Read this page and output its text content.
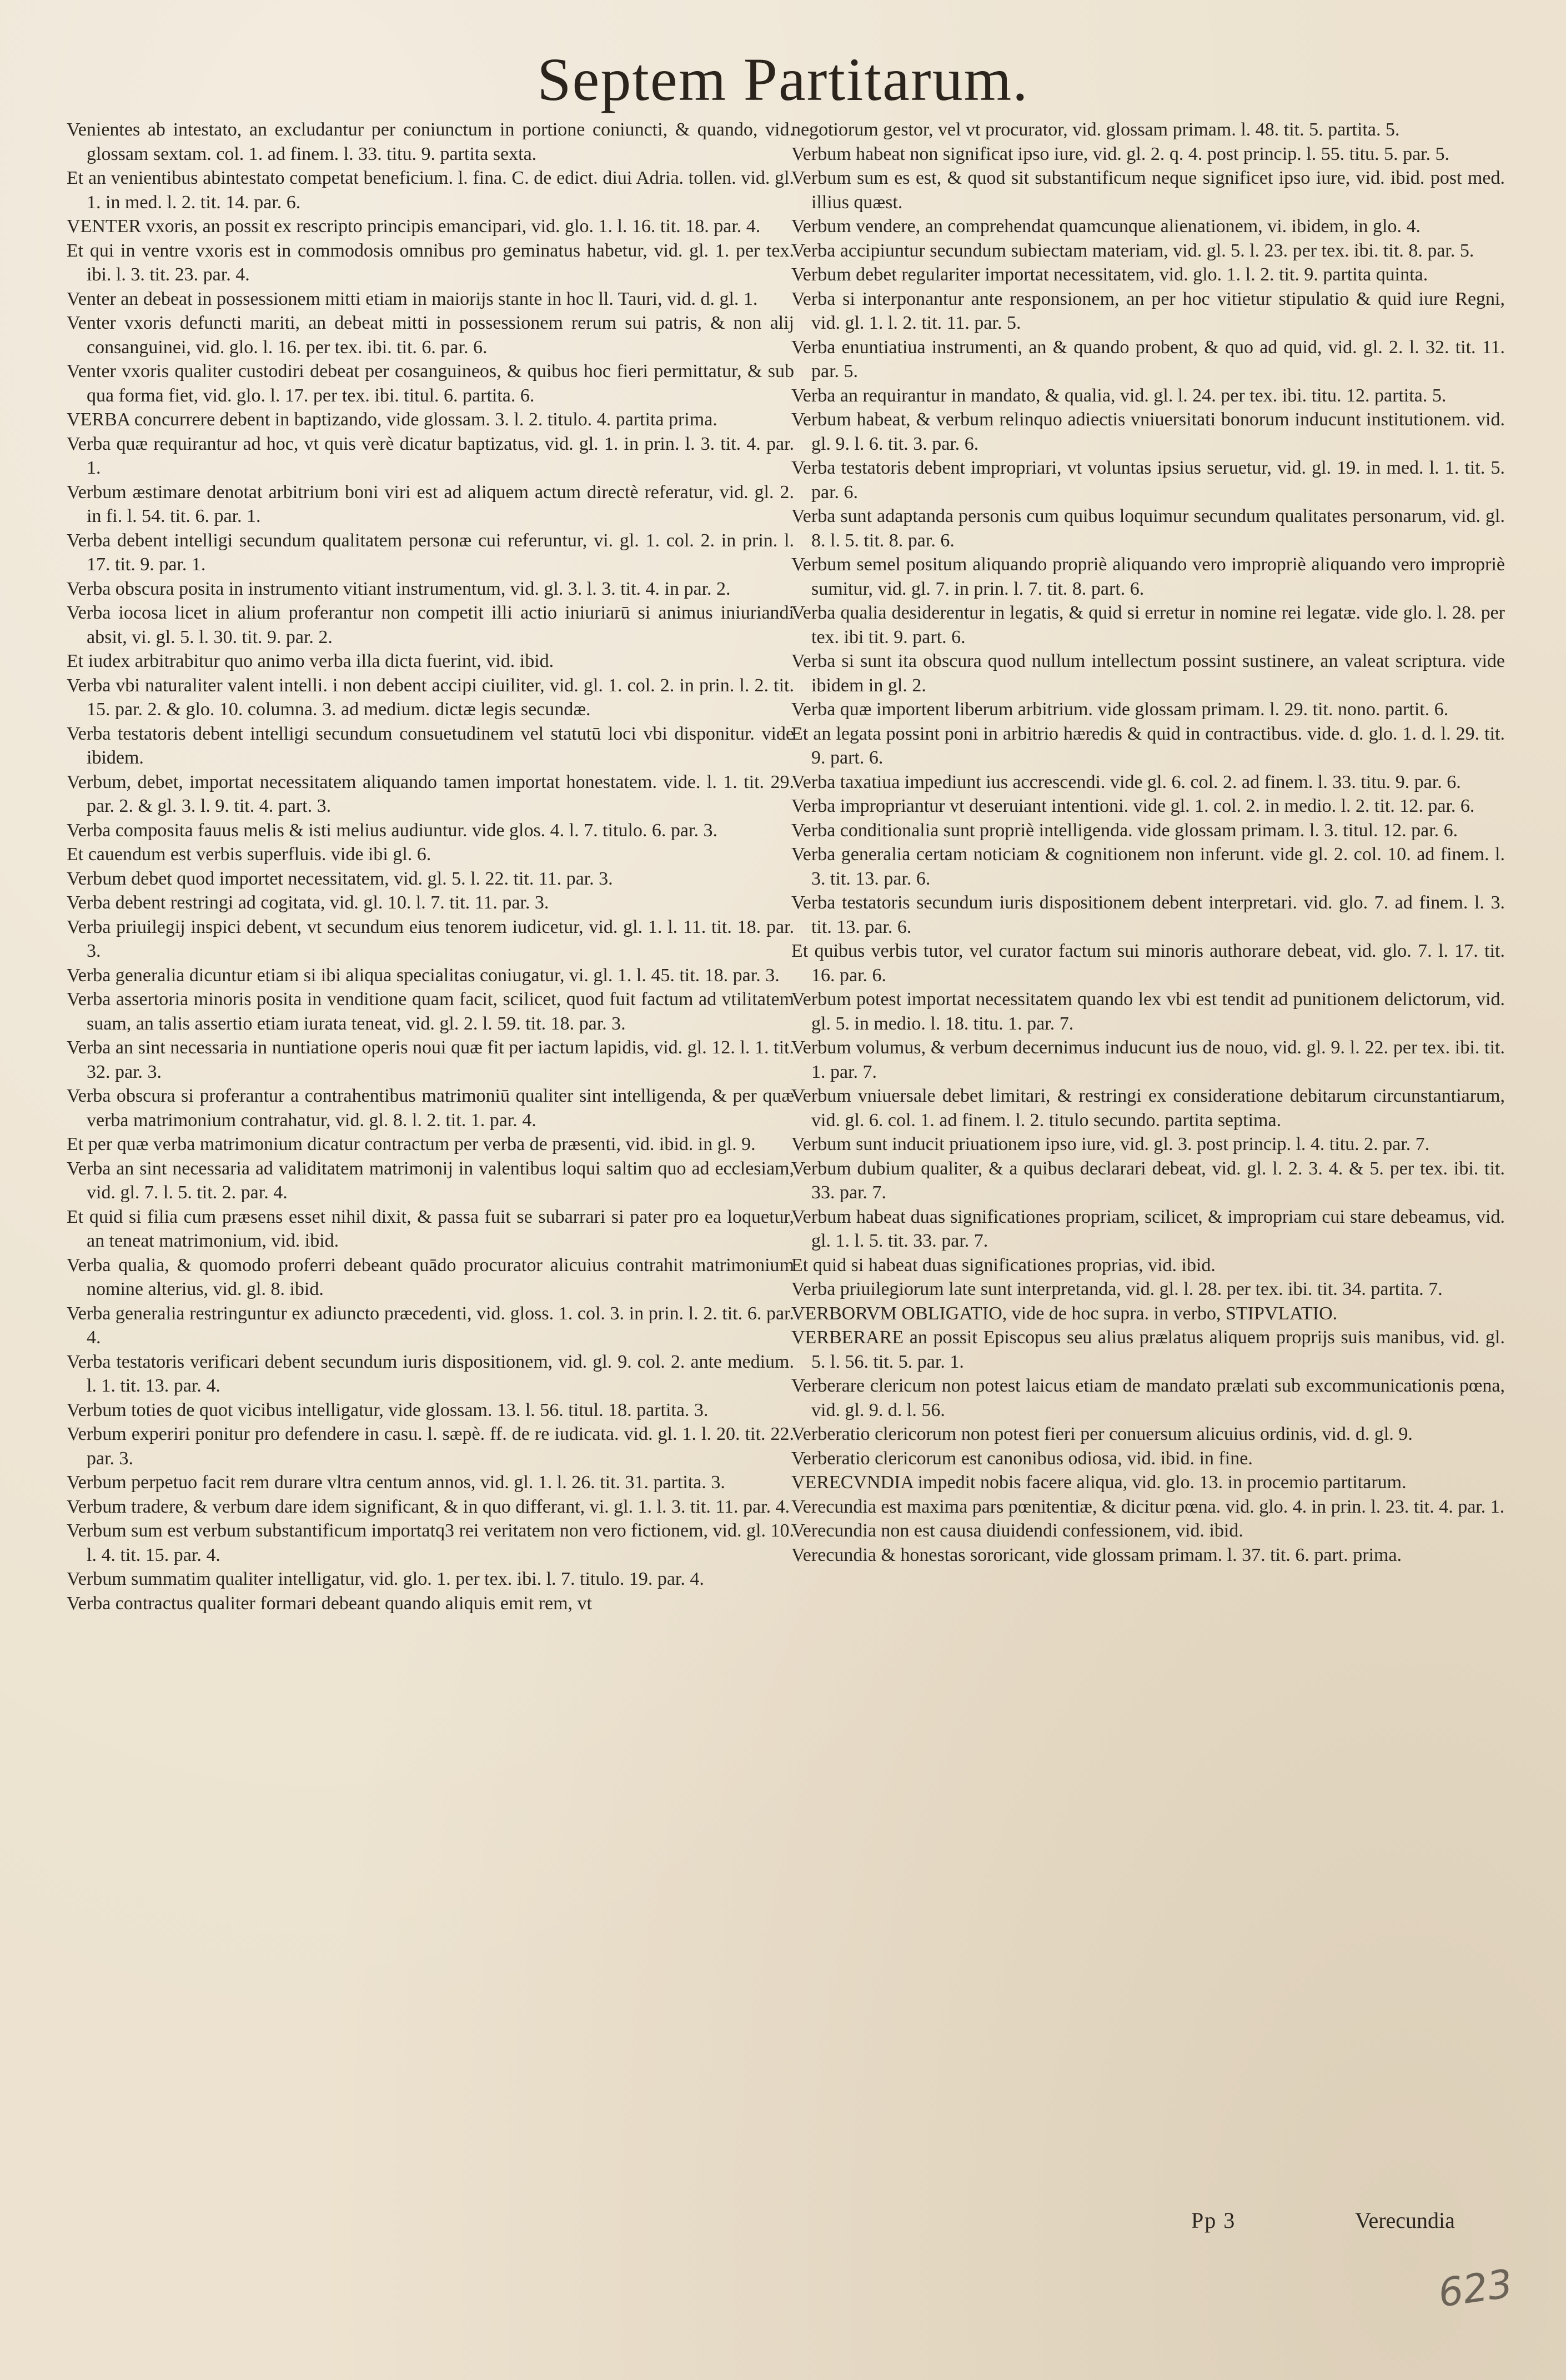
Septem Partitarum.

Venientes ab intestato, an excludantur per coniunctum in portione coniuncti, & quando, vid. glossam sextam. col. 1. ad finem. l. 33. titu. 9. partita sexta.

Et an venientibus abintestato competat beneficium. l. fina. C. de edict. diui Adria. tollen. vid. gl. 1. in med. l. 2. tit. 14. par. 6.

VENTER vxoris, an possit ex rescripto principis emancipari, vid. glo. 1. l. 16. tit. 18. par. 4.

Et qui in ventre vxoris est in commodosis omnibus pro geminatus habetur, vid. gl. 1. per tex. ibi. l. 3. tit. 23. par. 4.

Venter an debeat in possessionem mitti etiam in maiorijs stante in hoc ll. Tauri, vid. d. gl. 1.

Venter vxoris defuncti mariti, an debeat mitti in possessionem rerum sui patris, & non alij consanguinei, vid. glo. l. 16. per tex. ibi. tit. 6. par. 6.

Venter vxoris qualiter custodiri debeat per cosanguineos, & quibus hoc fieri permittatur, & sub qua forma fiet, vid. glo. l. 17. per tex. ibi. titul. 6. partita. 6.

VERBA concurrere debent in baptizando, vide glossam. 3. l. 2. titulo. 4. partita prima.

Verba quæ requirantur ad hoc, vt quis verè dicatur baptizatus, vid. gl. 1. in prin. l. 3. tit. 4. par. 1.

Verbum æstimare denotat arbitrium boni viri est ad aliquem actum directè referatur, vid. gl. 2. in fi. l. 54. tit. 6. par. 1.

Verba debent intelligi secundum qualitatem personæ cui referuntur, vi. gl. 1. col. 2. in prin. l. 17. tit. 9. par. 1.

Verba obscura posita in instrumento vitiant instrumentum, vid. gl. 3. l. 3. tit. 4. in par. 2.

Verba iocosa licet in alium proferantur non competit illi actio iniuriarū si animus iniuriandi absit, vi. gl. 5. l. 30. tit. 9. par. 2.

Et iudex arbitrabitur quo animo verba illa dicta fuerint, vid. ibid.

Verba vbi naturaliter valent intelli. i non debent accipi ciuiliter, vid. gl. 1. col. 2. in prin. l. 2. tit. 15. par. 2. & glo. 10. columna. 3. ad medium. dictæ legis secundæ.

Verba testatoris debent intelligi secundum consuetudinem vel statutū loci vbi disponitur. vide ibidem.

Verbum, debet, importat necessitatem aliquando tamen importat honestatem. vide. l. 1. tit. 29. par. 2. & gl. 3. l. 9. tit. 4. part. 3.

Verba composita fauus melis & isti melius audiuntur. vide glos. 4. l. 7. titulo. 6. par. 3.

Et cauendum est verbis superfluis. vide ibi gl. 6.

Verbum debet quod importet necessitatem, vid. gl. 5. l. 22. tit. 11. par. 3.

Verba debent restringi ad cogitata, vid. gl. 10. l. 7. tit. 11. par. 3.

Verba priuilegij inspici debent, vt secundum eius tenorem iudicetur, vid. gl. 1. l. 11. tit. 18. par. 3.

Verba generalia dicuntur etiam si ibi aliqua specialitas coniugatur, vi. gl. 1. l. 45. tit. 18. par. 3.

Verba assertoria minoris posita in venditione quam facit, scilicet, quod fuit factum ad vtilitatem suam, an talis assertio etiam iurata teneat, vid. gl. 2. l. 59. tit. 18. par. 3.

Verba an sint necessaria in nuntiatione operis noui quæ fit per iactum lapidis, vid. gl. 12. l. 1. tit. 32. par. 3.

Verba obscura si proferantur a contrahentibus matrimoniū qualiter sint intelligenda, & per quæ verba matrimonium contrahatur, vid. gl. 8. l. 2. tit. 1. par. 4.

Et per quæ verba matrimonium dicatur contractum per verba de præsenti, vid. ibid. in gl. 9.

Verba an sint necessaria ad validitatem matrimonij in valentibus loqui saltim quo ad ecclesiam, vid. gl. 7. l. 5. tit. 2. par. 4.

Et quid si filia cum præsens esset nihil dixit, & passa fuit se subarrari si pater pro ea loquetur, an teneat matrimonium, vid. ibid.

Verba qualia, & quomodo proferri debeant quādo procurator alicuius contrahit matrimonium nomine alterius, vid. gl. 8. ibid.

Verba generalia restringuntur ex adiuncto præcedenti, vid. gloss. 1. col. 3. in prin. l. 2. tit. 6. par. 4.

Verba testatoris verificari debent secundum iuris dispositionem, vid. gl. 9. col. 2. ante medium. l. 1. tit. 13. par. 4.

Verbum toties de quot vicibus intelligatur, vide glossam. 13. l. 56. titul. 18. partita. 3.

Verbum experiri ponitur pro defendere in casu. l. sæpè. ff. de re iudicata. vid. gl. 1. l. 20. tit. 22. par. 3.

Verbum perpetuo facit rem durare vltra centum annos, vid. gl. 1. l. 26. tit. 31. partita. 3.

Verbum tradere, & verbum dare idem significant, & in quo differant, vi. gl. 1. l. 3. tit. 11. par. 4.

Verbum sum est verbum substantificum importatq3 rei veritatem non vero fictionem, vid. gl. 10. l. 4. tit. 15. par. 4.

Verbum summatim qualiter intelligatur, vid. glo. 1. per tex. ibi. l. 7. titulo. 19. par. 4.

Verba contractus qualiter formari debeant quando aliquis emit rem, vt

negotiorum gestor, vel vt procurator, vid. glossam primam. l. 48. tit. 5. partita. 5.

Verbum habeat non significat ipso iure, vid. gl. 2. q. 4. post princip. l. 55. titu. 5. par. 5.

Verbum sum es est, & quod sit substantificum neque significet ipso iure, vid. ibid. post med. illius quæst.

Verbum vendere, an comprehendat quamcunque alienationem, vi. ibidem, in glo. 4.

Verba accipiuntur secundum subiectam materiam, vid. gl. 5. l. 23. per tex. ibi. tit. 8. par. 5.

Verbum debet regulariter importat necessitatem, vid. glo. 1. l. 2. tit. 9. partita quinta.

Verba si interponantur ante responsionem, an per hoc vitietur stipulatio & quid iure Regni, vid. gl. 1. l. 2. tit. 11. par. 5.

Verba enuntiatiua instrumenti, an & quando probent, & quo ad quid, vid. gl. 2. l. 32. tit. 11. par. 5.

Verba an requirantur in mandato, & qualia, vid. gl. l. 24. per tex. ibi. titu. 12. partita. 5.

Verbum habeat, & verbum relinquo adiectis vniuersitati bonorum inducunt institutionem. vid. gl. 9. l. 6. tit. 3. par. 6.

Verba testatoris debent impropriari, vt voluntas ipsius seruetur, vid. gl. 19. in med. l. 1. tit. 5. par. 6.

Verba sunt adaptanda personis cum quibus loquimur secundum qualitates personarum, vid. gl. 8. l. 5. tit. 8. par. 6.

Verbum semel positum aliquando propriè aliquando vero impropriè aliquando vero impropriè sumitur, vid. gl. 7. in prin. l. 7. tit. 8. part. 6.

Verba qualia desiderentur in legatis, & quid si erretur in nomine rei legatæ. vide glo. l. 28. per tex. ibi tit. 9. part. 6.

Verba si sunt ita obscura quod nullum intellectum possint sustinere, an valeat scriptura. vide ibidem in gl. 2.

Verba quæ importent liberum arbitrium. vide glossam primam. l. 29. tit. nono. partit. 6.

Et an legata possint poni in arbitrio hæredis & quid in contractibus. vide. d. glo. 1. d. l. 29. tit. 9. part. 6.

Verba taxatiua impediunt ius accrescendi. vide gl. 6. col. 2. ad finem. l. 33. titu. 9. par. 6.

Verba impropriantur vt deseruiant intentioni. vide gl. 1. col. 2. in medio. l. 2. tit. 12. par. 6.

Verba conditionalia sunt propriè intelligenda. vide glossam primam. l. 3. titul. 12. par. 6.

Verba generalia certam noticiam & cognitionem non inferunt. vide gl. 2. col. 10. ad finem. l. 3. tit. 13. par. 6.

Verba testatoris secundum iuris dispositionem debent interpretari. vid. glo. 7. ad finem. l. 3. tit. 13. par. 6.

Et quibus verbis tutor, vel curator factum sui minoris authorare debeat, vid. glo. 7. l. 17. tit. 16. par. 6.

Verbum potest importat necessitatem quando lex vbi est tendit ad punitionem delictorum, vid. gl. 5. in medio. l. 18. titu. 1. par. 7.

Verbum volumus, & verbum decernimus inducunt ius de nouo, vid. gl. 9. l. 22. per tex. ibi. tit. 1. par. 7.

Verbum vniuersale debet limitari, & restringi ex consideratione debitarum circunstantiarum, vid. gl. 6. col. 1. ad finem. l. 2. titulo secundo. partita septima.

Verbum sunt inducit priuationem ipso iure, vid. gl. 3. post princip. l. 4. titu. 2. par. 7.

Verbum dubium qualiter, & a quibus declarari debeat, vid. gl. l. 2. 3. 4. & 5. per tex. ibi. tit. 33. par. 7.

Verbum habeat duas significationes propriam, scilicet, & impropriam cui stare debeamus, vid. gl. 1. l. 5. tit. 33. par. 7.

Et quid si habeat duas significationes proprias, vid. ibid.

Verba priuilegiorum late sunt interpretanda, vid. gl. l. 28. per tex. ibi. tit. 34. partita. 7.

VERBORVM OBLIGATIO, vide de hoc supra. in verbo, STIPVLATIO.

VERBERARE an possit Episcopus seu alius prælatus aliquem proprijs suis manibus, vid. gl. 5. l. 56. tit. 5. par. 1.

Verberare clericum non potest laicus etiam de mandato prælati sub excommunicationis pœna, vid. gl. 9. d. l. 56.

Verberatio clericorum non potest fieri per conuersum alicuius ordinis, vid. d. gl. 9.

Verberatio clericorum est canonibus odiosa, vid. ibid. in fine.

VERECVNDIA impedit nobis facere aliqua, vid. glo. 13. in procemio partitarum.

Verecundia est maxima pars pœnitentiæ, & dicitur pœna. vid. glo. 4. in prin. l. 23. tit. 4. par. 1.

Verecundia non est causa diuidendi confessionem, vid. ibid.

Verecundia & honestas sororicant, vide glossam primam. l. 37. tit. 6. part. prima.

Pp 3	Verecundia
623
